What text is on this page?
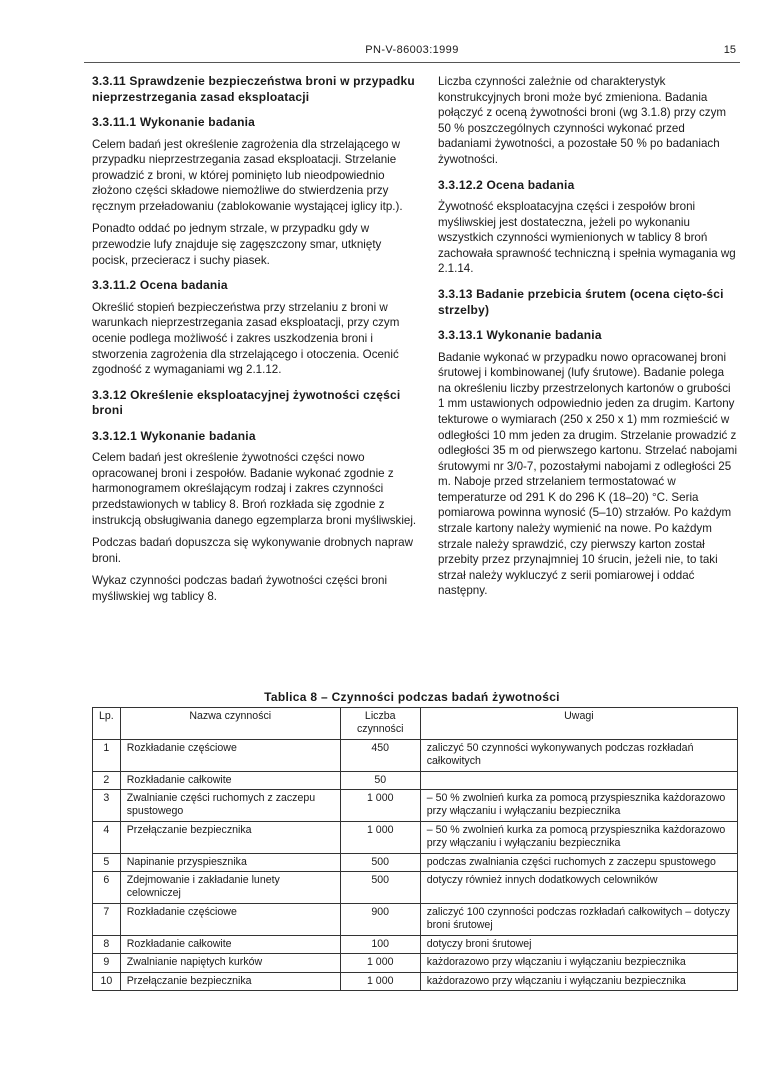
PN-V-86003:1999	15
3.3.11 Sprawdzenie bezpieczeństwa broni w przypadku nieprzestrzegania zasad eksploatacji
3.3.11.1 Wykonanie badania

Celem badań jest określenie zagrożenia dla strzelającego w przypadku nieprzestrzegania zasad eksploatacji. Strzelanie prowadzić z broni, w której pominięto lub nieodpowiednio złożono części składowe niemożliwe do stwierdzenia przy ręcznym przeładowaniu (zablokowanie wystającej iglicy itp.).

Ponadto oddać po jednym strzale, w przypadku gdy w przewodzie lufy znajduje się zagęszczony smar, utknięty pocisk, przecieracz i suchy piasek.

3.3.11.2 Ocena badania

Określić stopień bezpieczeństwa przy strzelaniu z broni w warunkach nieprzestrzegania zasad eksploatacji, przy czym ocenie podlega możliwość i zakres uszkodzenia broni i stworzenia zagrożenia dla strzelającego i otoczenia. Ocenić zgodność z wymaganiami wg 2.1.12.

3.3.12 Określenie eksploatacyjnej żywotności części broni
3.3.12.1 Wykonanie badania

Celem badań jest określenie żywotności części nowo opracowanej broni i zespołów. Badanie wykonać zgodnie z harmonogramem określającym rodzaj i zakres czynności przedstawionych w tablicy 8. Broń rozkłada się zgodnie z instrukcją obsługiwania danego egzemplarza broni myśliwskiej.

Podczas badań dopuszcza się wykonywanie drobnych napraw broni.

Wykaz czynności podczas badań żywotności części broni myśliwskiej wg tablicy 8.

Liczba czynności zależnie od charakterystyk konstrukcyjnych broni może być zmieniona. Badania połączyć z oceną żywotności broni (wg 3.1.8) przy czym 50 % poszczególnych czynności wykonać przed badaniami żywotności, a pozostałe 50 % po badaniach żywotności.

3.3.12.2 Ocena badania

Żywotność eksploatacyjna części i zespołów broni myśliwskiej jest dostateczna, jeżeli po wykonaniu wszystkich czynności wymienionych w tablicy 8 broń zachowała sprawność techniczną i spełnia wymagania wg 2.1.14.

3.3.13 Badanie przebicia śrutem (ocena cięto-ści strzelby)
3.3.13.1 Wykonanie badania

Badanie wykonać w przypadku nowo opracowanej broni śrutowej i kombinowanej (lufy śrutowe). Badanie polega na określeniu liczby przestrzelonych kartonów o grubości 1 mm ustawionych odpowiednio jeden za drugim. Kartony tekturowe o wymiarach (250 x 250 x 1) mm rozmieścić w odległości 10 mm jeden za drugim. Strzelanie prowadzić z odległości 35 m od pierwszego kartonu. Strzelać nabojami śrutowymi nr 3/0-7, pozostałymi nabojami z odległości 25 m. Naboje przed strzelaniem termostatować w temperaturze od 291 K do 296 K (18–20) °C. Seria pomiarowa powinna wynosić (5–10) strzałów. Po każdym strzale kartony należy wymienić na nowe. Po każdym strzale należy sprawdzić, czy pierwszy karton został przebity przez przynajmniej 10 śrucin, jeżeli nie, to taki strzał należy wykluczyć z serii pomiarowej i oddać następny.

Tablica 8 – Czynności podczas badań żywotności
Lp.	Nazwa czynności	Liczba czynności	Uwagi
1	Rozkładanie częściowe	450	zaliczyć 50 czynności wykonywanych podczas rozkładań całkowitych
2	Rozkładanie całkowite	50	
3	Zwalnianie części ruchomych z zaczepu spustowego	1 000	– 50 % zwolnień kurka za pomocą przyspiesznika każdorazowo przy włączaniu i wyłączaniu bezpiecznika
4	Przełączanie bezpiecznika	1 000	– 50 % zwolnień kurka za pomocą przyspiesznika każdorazowo przy włączaniu i wyłączaniu bezpiecznika
5	Napinanie przyspiesznika	500	podczas zwalniania części ruchomych z zaczepu spustowego
6	Zdejmowanie i zakładanie lunety celowniczej	500	dotyczy również innych dodatkowych celowników
7	Rozkładanie częściowe	900	zaliczyć 100 czynności podczas rozkładań całkowitych – dotyczy broni śrutowej
8	Rozkładanie całkowite	100	dotyczy broni śrutowej
9	Zwalnianie napiętych kurków	1 000	każdorazowo przy włączaniu i wyłączaniu bezpiecznika
10	Przełączanie bezpiecznika	1 000	każdorazowo przy włączaniu i wyłączaniu bezpiecznika
